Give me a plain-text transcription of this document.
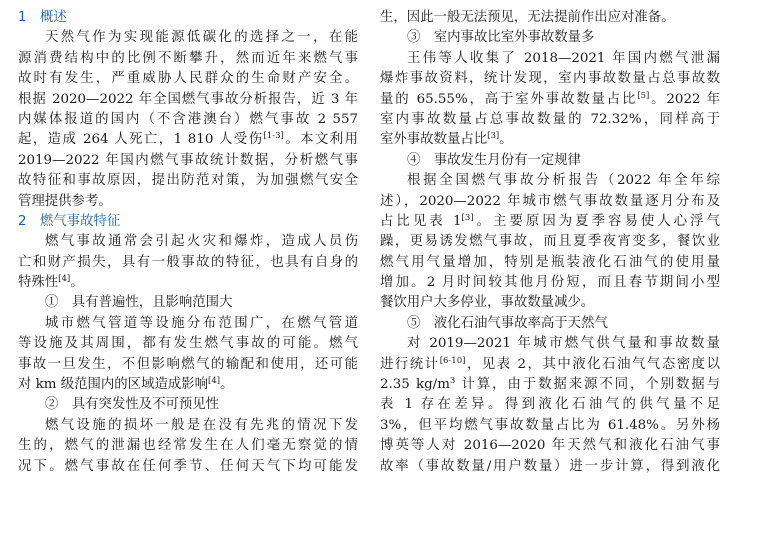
1 概述
天然气作为实现能源低碳化的选择之一，在能
源消费结构中的比例不断攀升，然而近年来燃气事
故时有发生，严重威胁人民群众的生命财产安全。
根据 2020—2022 年全国燃气事故分析报告，近 3 年
内媒体报道的国内（不含港澳台）燃气事故 2 557
起，造成 264 人死亡，1 810 人受伤[1-3]。本文利用
2019—2022 年国内燃气事故统计数据，分析燃气事
故特征和事故原因，提出防范对策，为加强燃气安全
管理提供参考。
2 燃气事故特征
燃气事故通常会引起火灾和爆炸，造成人员伤
亡和财产损失，具有一般事故的特征，也具有自身的
特殊性[4]。
①　具有普遍性，且影响范围大
城市燃气管道等设施分布范围广，在燃气管道
等设施及其周围，都有发生燃气事故的可能。燃气
事故一旦发生，不但影响燃气的输配和使用，还可能
对 km 级范围内的区域造成影响[4]。
②　具有突发性及不可预见性
燃气设施的损坏一般是在没有先兆的情况下发
生的，燃气的泄漏也经常发生在人们毫无察觉的情
况下。燃气事故在任何季节、任何天气下均可能发
生，因此一般无法预见，无法提前作出应对准备。
③　室内事故比室外事故数量多
王伟等人收集了 2018—2021 年国内燃气泄漏
爆炸事故资料，统计发现，室内事故数量占总事故数
量的 65.55%，高于室外事故数量占比[5]。2022 年
室内事故数量占总事故数量的 72.32%，同样高于
室外事故数量占比[3]。
④　事故发生月份有一定规律
根据全国燃气事故分析报告（2022 年全年综
述），2020—2022 年城市燃气事故数量逐月分布及
占比见表 1[3]。主要原因为夏季容易使人心浮气
躁，更易诱发燃气事故，而且夏季夜宵变多，餐饮业
燃气用气量增加，特别是瓶装液化石油气的使用量
增加。2 月时间较其他月份短，而且春节期间小型
餐饮用户大多停业，事故数量减少。
⑤　液化石油气事故率高于天然气
对 2019—2021 年城市燃气供气量和事故数量
进行统计[6-10]，见表 2，其中液化石油气气态密度以
2.35 $kg/m^3$ 计算，由于数据来源不同，个别数据与
表 1 存在差异。得到液化石油气的供气量不足
3%，但平均燃气事故数量占比为 61.48%。另外杨
博英等人对 2016—2020 年天然气和液化石油气事
故率（事故数量/用户数量）进一步计算，得到液化
